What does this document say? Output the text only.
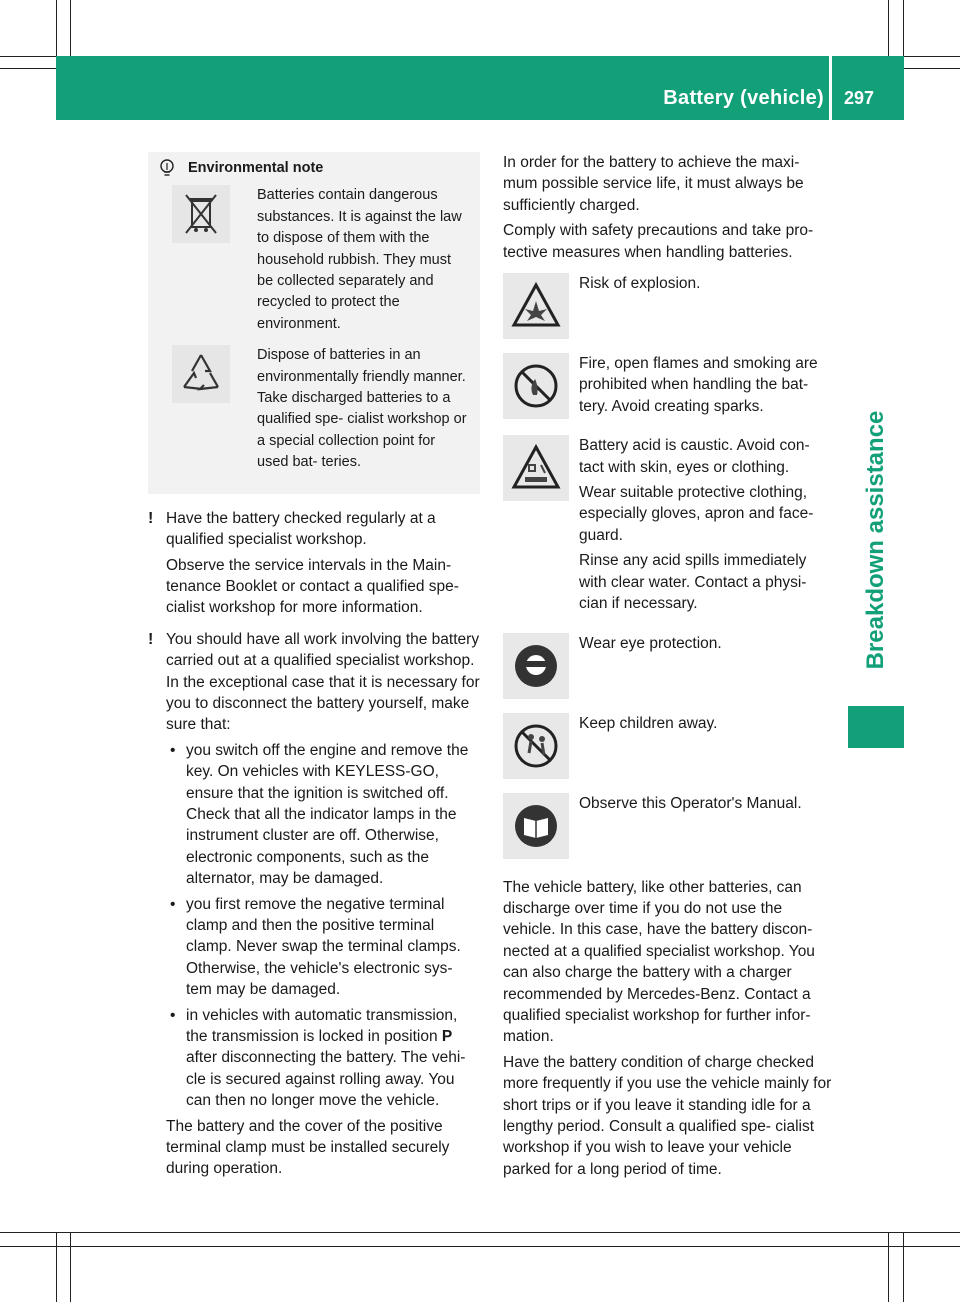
Battery (vehicle) 297
Breakdown assistance
Environmental note
Batteries contain dangerous substances. It is against the law to dispose of them with the household rubbish. They must be collected separately and recycled to protect the environment.
Dispose of batteries in an environmentally friendly manner. Take discharged batteries to a qualified spe- cialist workshop or a special collection point for used bat- teries.
! Have the battery checked regularly at a qualified specialist workshop.

Observe the service intervals in the Main- tenance Booklet or contact a qualified spe- cialist workshop for more information.

! You should have all work involving the battery carried out at a qualified specialist workshop. In the exceptional case that it is necessary for you to disconnect the battery yourself, make sure that:

• you switch off the engine and remove the key. On vehicles with KEYLESS-GO, ensure that the ignition is switched off. Check that all the indicator lamps in the instrument cluster are off. Otherwise, electronic components, such as the alternator, may be damaged.
• you first remove the negative terminal clamp and then the positive terminal clamp. Never swap the terminal clamps. Otherwise, the vehicle's electronic sys- tem may be damaged.
• in vehicles with automatic transmission, the transmission is locked in position P after disconnecting the battery. The vehi- cle is secured against rolling away. You can then no longer move the vehicle.

The battery and the cover of the positive terminal clamp must be installed securely during operation.

In order for the battery to achieve the maxi- mum possible service life, it must always be sufficiently charged.

Comply with safety precautions and take pro- tective measures when handling batteries.

Risk of explosion.

Fire, open flames and smoking are prohibited when handling the bat- tery. Avoid creating sparks.

Battery acid is caustic. Avoid con- tact with skin, eyes or clothing.

Wear suitable protective clothing, especially gloves, apron and face- guard.

Rinse any acid spills immediately with clear water. Contact a physi- cian if necessary.

Wear eye protection.

Keep children away.

Observe this Operator's Manual.

The vehicle battery, like other batteries, can discharge over time if you do not use the vehicle. In this case, have the battery discon- nected at a qualified specialist workshop. You can also charge the battery with a charger recommended by Mercedes-Benz. Contact a qualified specialist workshop for further infor- mation.

Have the battery condition of charge checked more frequently if you use the vehicle mainly for short trips or if you leave it standing idle for a lengthy period. Consult a qualified spe- cialist workshop if you wish to leave your vehicle parked for a long period of time.
